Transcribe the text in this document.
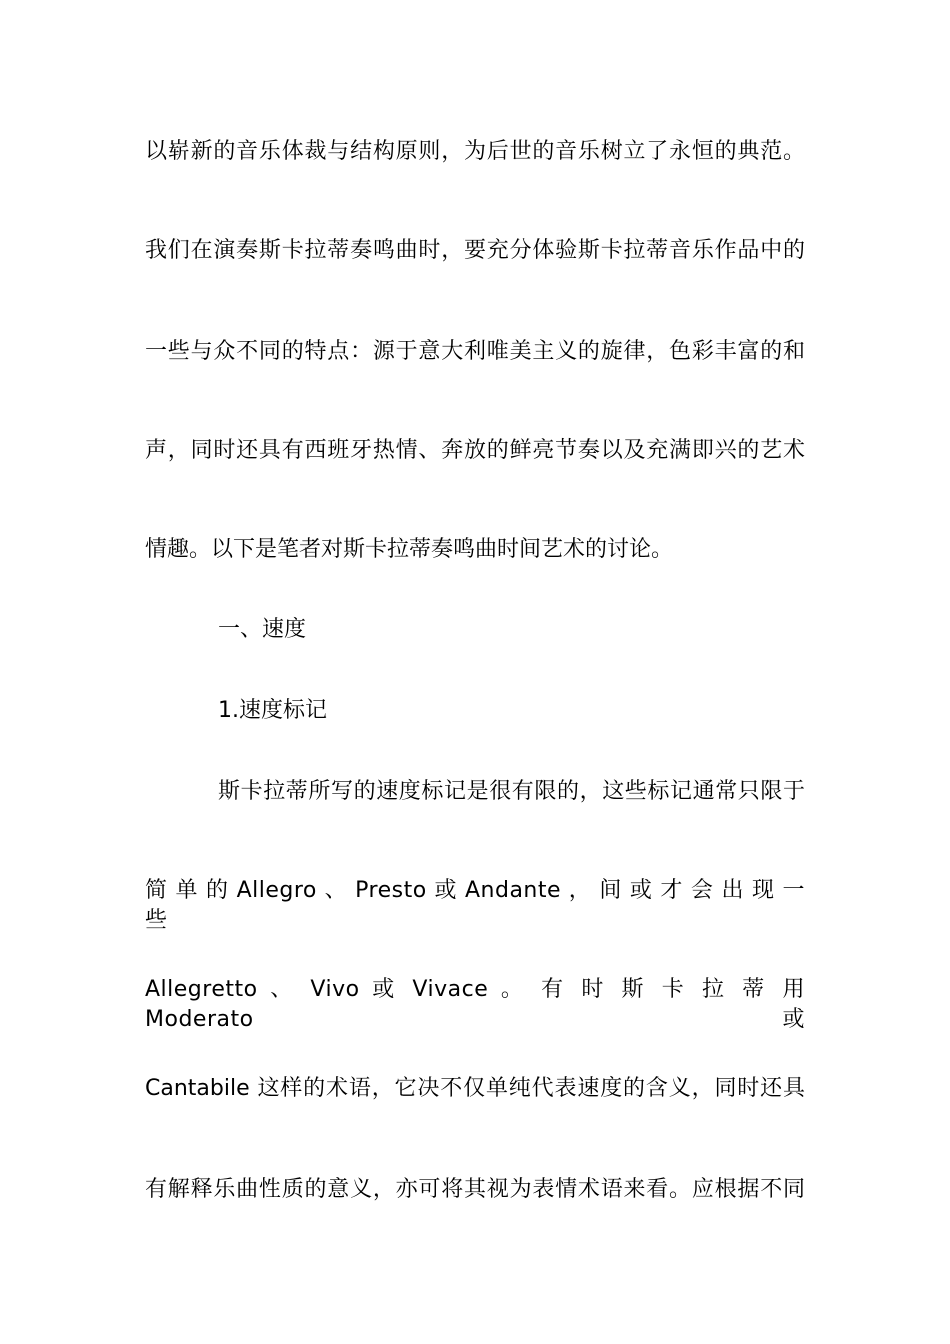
以崭新的音乐体裁与结构原则，为后世的音乐树立了永恒的典范。
我们在演奏斯卡拉蒂奏鸣曲时，要充分体验斯卡拉蒂音乐作品中的
一些与众不同的特点：源于意大利唯美主义的旋律，色彩丰富的和
声，同时还具有西班牙热情、奔放的鲜亮节奏以及充满即兴的艺术
情趣。以下是笔者对斯卡拉蒂奏鸣曲时间艺术的讨论。
一、速度
1.速度标记
斯卡拉蒂所写的速度标记是很有限的，这些标记通常只限于
简 单 的 Allegro 、 Presto 或 Andante ， 间 或 才 会 出 现 一 些
Allegretto 、 Vivo 或 Vivace 。 有 时 斯 卡 拉 蒂 用 Moderato 或
Cantabile 这样的术语，它决不仅单纯代表速度的含义，同时还具
有解释乐曲性质的意义，亦可将其视为表情术语来看。应根据不同
